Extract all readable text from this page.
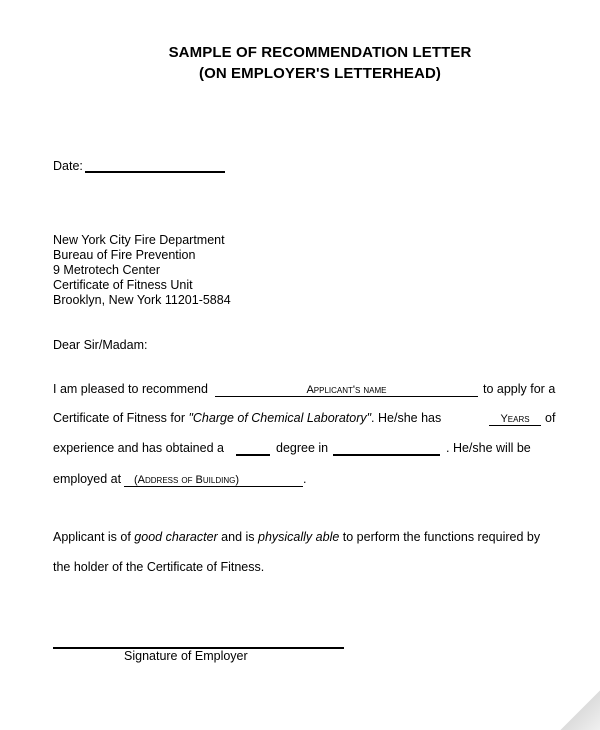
SAMPLE OF RECOMMENDATION LETTER
(ON EMPLOYER'S LETTERHEAD)
Date:
New York City Fire Department
Bureau of Fire Prevention
9 Metrotech Center
Certificate of Fitness Unit
Brooklyn, New York 11201-5884
Dear Sir/Madam:
I am pleased to recommend	Applicant's name	to apply for a
Certificate of Fitness for "Charge of Chemical Laboratory". He/she has	Years	of
experience and has obtained a	degree in	. He/she will be
employed at	(Address of Building)	.
Applicant is of good character and is physically able to perform the functions required by
the holder of the Certificate of Fitness.
Signature of Employer
